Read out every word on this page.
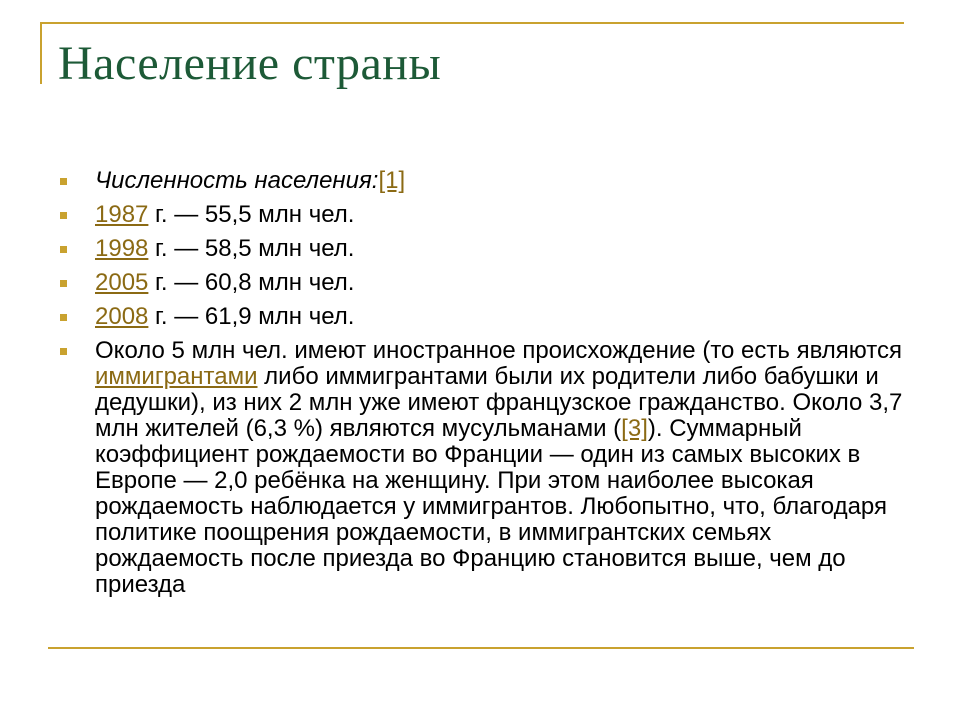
Население страны
Численность населения:[1]
1987 г. — 55,5 млн чел.
1998 г. — 58,5 млн чел.
2005 г. — 60,8 млн чел.
2008 г. — 61,9 млн чел.
Около 5 млн чел. имеют иностранное происхождение (то есть являются иммигрантами либо иммигрантами были их родители либо бабушки и дедушки), из них 2 млн уже имеют французское гражданство. Около 3,7 млн жителей (6,3 %) являются мусульманами ([3]). Суммарный коэффициент рождаемости во Франции — один из самых высоких в Европе — 2,0 ребёнка на женщину. При этом наиболее высокая рождаемость наблюдается у иммигрантов. Любопытно, что, благодаря политике поощрения рождаемости, в иммигрантских семьях рождаемость после приезда во Францию становится выше, чем до приезда
